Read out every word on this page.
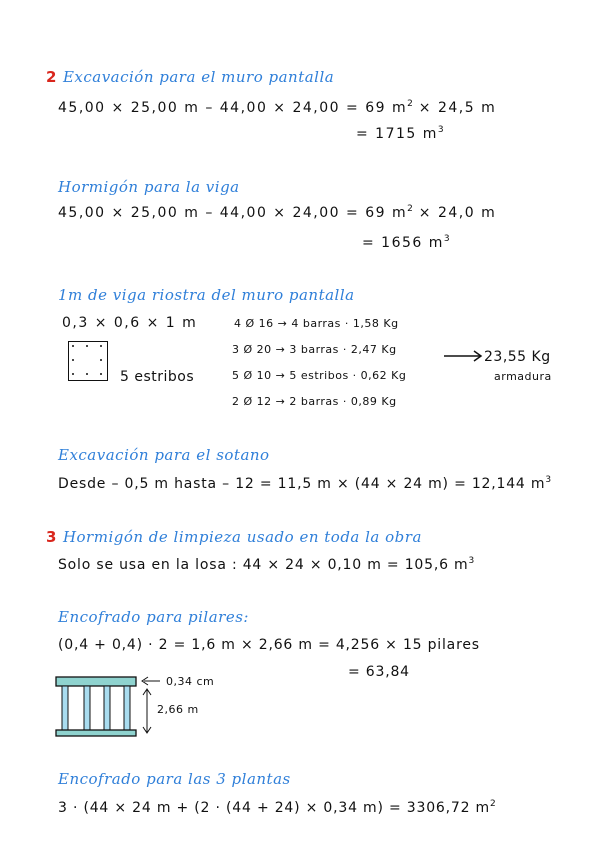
2 Excavación para el muro pantalla
45,00 × 25,00 m – 44,00 × 24,00 = 69 $m^2 \times 24,5$ m
= 1715 $m^3$
Hormigón para la viga
45,00 × 25,00 m – 44,00 × 24,00 = 69 $m^2 \times 24,0$ m
= 1656 $m^3$
1m de viga riostra del muro pantalla
0,3 × 0,6 × 1 m	4 Ø 16 → 4 barras · 1,58 Kg
3 Ø 20 → 3 barras · 2,47 Kg
5 Ø 10 → 5 estribos · 0,62 Kg
2 Ø 12 → 2 barras · 0,89 Kg
5 estribos
23,55 Kg
armadura
Excavación para el sotano
Desde – 0,5 m hasta – 12 = 11,5 m × (44 × 24 m) = 12,144 $m^3$
3 Hormigón de limpieza usado en toda la obra
Solo se usa en la losa : 44 × 24 × 0,10 m = 105,6 $m^3$
Encofrado para pilares:
(0,4 + 0,4) · 2 = 1,6 m × 2,66 m = 4,256 × 15 pilares
= 63,84
0,34 cm
2,66 m
Encofrado para las 3 plantas
3 · (44 × 24 m + (2 · (44 + 24) × 0,34 m) = 3306,72 $m^2$
